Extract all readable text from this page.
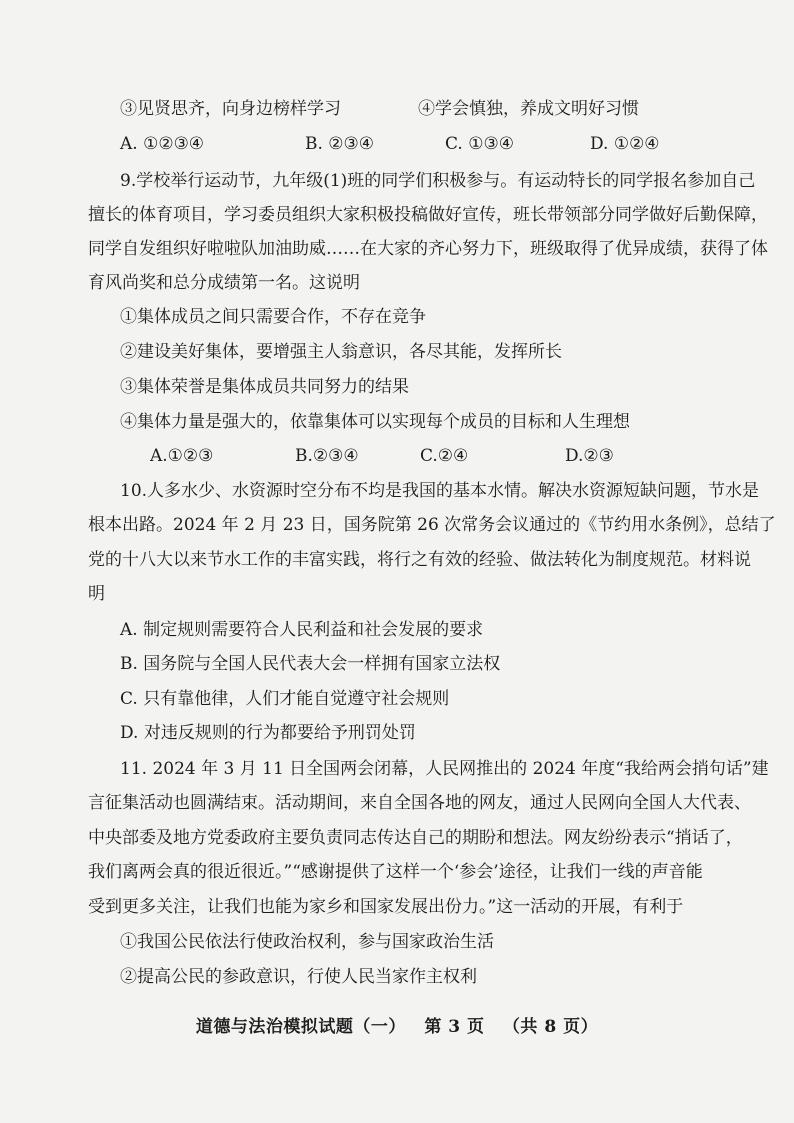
③见贤思齐，向身边榜样学习	④学会慎独，养成文明好习惯
A. ①②③④	B. ②③④	C. ①③④	D. ①②④
9.学校举行运动节，九年级(1)班的同学们积极参与。有运动特长的同学报名参加自己
擅长的体育项目，学习委员组织大家积极投稿做好宣传，班长带领部分同学做好后勤保障，
同学自发组织好啦啦队加油助威……在大家的齐心努力下，班级取得了优异成绩，获得了体
育风尚奖和总分成绩第一名。这说明
①集体成员之间只需要合作，不存在竞争
②建设美好集体，要增强主人翁意识，各尽其能，发挥所长
③集体荣誉是集体成员共同努力的结果
④集体力量是强大的，依靠集体可以实现每个成员的目标和人生理想
A.①②③	B.②③④	C.②④	D.②③
10.人多水少、水资源时空分布不均是我国的基本水情。解决水资源短缺问题，节水是
根本出路。2024 年 2 月 23 日，国务院第 26 次常务会议通过的《节约用水条例》，总结了
党的十八大以来节水工作的丰富实践，将行之有效的经验、做法转化为制度规范。材料说
明
A. 制定规则需要符合人民利益和社会发展的要求
B. 国务院与全国人民代表大会一样拥有国家立法权
C. 只有靠他律，人们才能自觉遵守社会规则
D. 对违反规则的行为都要给予刑罚处罚
11. 2024 年 3 月 11 日全国两会闭幕，人民网推出的 2024 年度“我给两会捎句话”建
言征集活动也圆满结束。活动期间，来自全国各地的网友，通过人民网向全国人大代表、
中央部委及地方党委政府主要负责同志传达自己的期盼和想法。网友纷纷表示“捎话了，
我们离两会真的很近很近。”“感谢提供了这样一个‘参会’途径，让我们一线的声音能
受到更多关注，让我们也能为家乡和国家发展出份力。”这一活动的开展，有利于
①我国公民依法行使政治权利，参与国家政治生活
②提高公民的参政意识，行使人民当家作主权利
道德与法治模拟试题（一） 第 3 页 （共 8 页）
